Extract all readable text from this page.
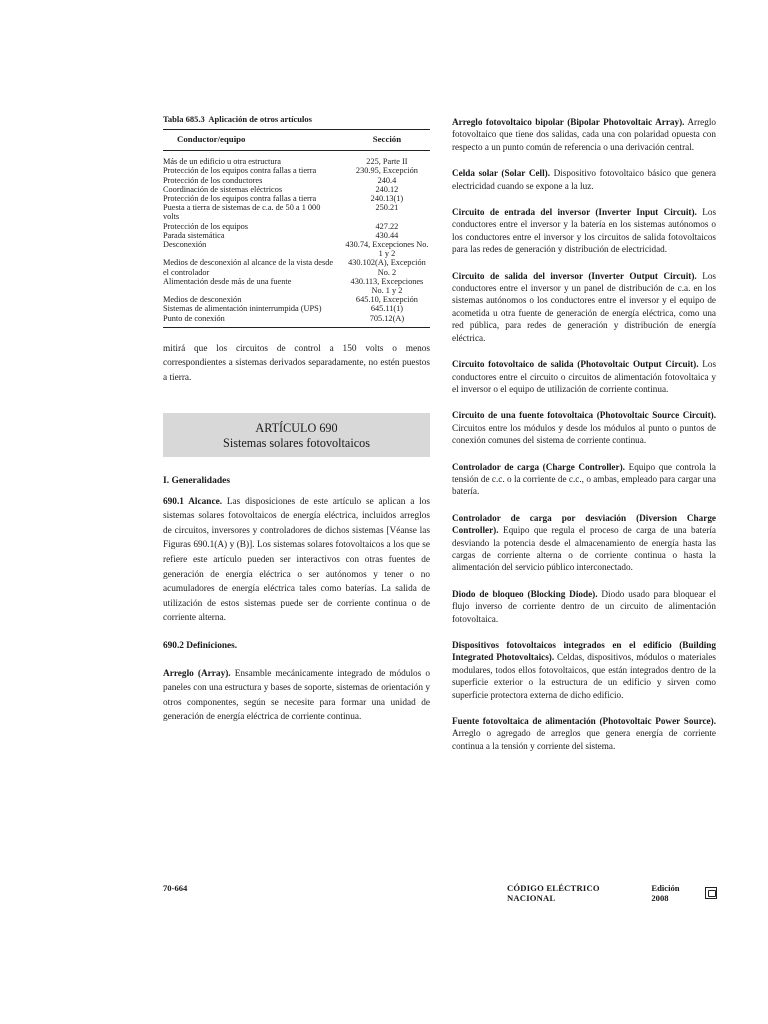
Tabla 685.3 Aplicación de otros artículos
Conductor/equipo	Sección
Más de un edificio u otra estructura	225, Parte II
Protección de los equipos contra fallas a tierra	230.95, Excepción
Protección de los conductores	240.4
Coordinación de sistemas eléctricos	240.12
Protección de los equipos contra fallas a tierra	240.13(1)
Puesta a tierra de sistemas de c.a. de 50 a 1 000 volts	250.21
Protección de los equipos	427.22
Parada sistemática	430.44
Desconexión	430.74, Excepciones No. 1 y 2
Medios de desconexión al alcance de la vista desde el controlador	430.102(A), Excepción No. 2
Alimentación desde más de una fuente	430.113, Excepciones No. 1 y 2
Medios de desconexión	645.10, Excepción
Sistemas de alimentación ininterrumpida (UPS)	645.11(1)
Punto de conexión	705.12(A)
mitirá que los circuitos de control a 150 volts o menos correspondientes a sistemas derivados separadamente, no estén puestos a tierra.
ARTÍCULO 690
Sistemas solares fotovoltaicos
I. Generalidades

690.1 Alcance. Las disposiciones de este artículo se aplican a los sistemas solares fotovoltaicos de energía eléctrica, incluidos arreglos de circuitos, inversores y controladores de dichos sistemas [Véanse las Figuras 690.1(A) y (B)]. Los sistemas solares fotovoltaicos a los que se refiere este artículo pueden ser interactivos con otras fuentes de generación de energía eléctrica o ser autónomos y tener o no acumuladores de energía eléctrica tales como baterías. La salida de utilización de estos sistemas puede ser de corriente continua o de corriente alterna.

690.2 Definiciones.

Arreglo (Array). Ensamble mecánicamente integrado de módulos o paneles con una estructura y bases de soporte, sistemas de orientación y otros componentes, según se necesite para formar una unidad de generación de energía eléctrica de corriente continua.

Arreglo fotovoltaico bipolar (Bipolar Photovoltaic Array). Arreglo fotovoltaico que tiene dos salidas, cada una con polaridad opuesta con respecto a un punto común de referencia o una derivación central.

Celda solar (Solar Cell). Dispositivo fotovoltaico básico que genera electricidad cuando se expone a la luz.

Circuito de entrada del inversor (Inverter Input Circuit). Los conductores entre el inversor y la batería en los sistemas autónomos o los conductores entre el inversor y los circuitos de salida fotovoltaicos para las redes de generación y distribución de electricidad.

Circuito de salida del inversor (Inverter Output Circuit). Los conductores entre el inversor y un panel de distribución de c.a. en los sistemas autónomos o los conductores entre el inversor y el equipo de acometida u otra fuente de generación de energía eléctrica, como una red pública, para redes de generación y distribución de energía eléctrica.

Circuito fotovoltaico de salida (Photovoltaic Output Circuit). Los conductores entre el circuito o circuitos de alimentación fotovoltaica y el inversor o el equipo de utilización de corriente continua.

Circuito de una fuente fotovoltaica (Photovoltaic Source Circuit). Circuitos entre los módulos y desde los módulos al punto o puntos de conexión comunes del sistema de corriente continua.

Controlador de carga (Charge Controller). Equipo que controla la tensión de c.c. o la corriente de c.c., o ambas, empleado para cargar una batería.

Controlador de carga por desviación (Diversion Charge Controller). Equipo que regula el proceso de carga de una batería desviando la potencia desde el almacenamiento de energía hasta las cargas de corriente alterna o de corriente continua o hasta la alimentación del servicio público interconectado.

Diodo de bloqueo (Blocking Diode). Diodo usado para bloquear el flujo inverso de corriente dentro de un circuito de alimentación fotovoltaica.

Dispositivos fotovoltaicos integrados en el edificio (Building Integrated Photovoltaics). Celdas, dispositivos, módulos o materiales modulares, todos ellos fotovoltaicos, que están integrados dentro de la superficie exterior o la estructura de un edificio y sirven como superficie protectora externa de dicho edificio.

Fuente fotovoltaica de alimentación (Photovoltaic Power Source). Arreglo o agregado de arreglos que genera energía de corriente continua a la tensión y corriente del sistema.

70-664	CÓDIGO ELÉCTRICO NACIONAL
Edición 2008
